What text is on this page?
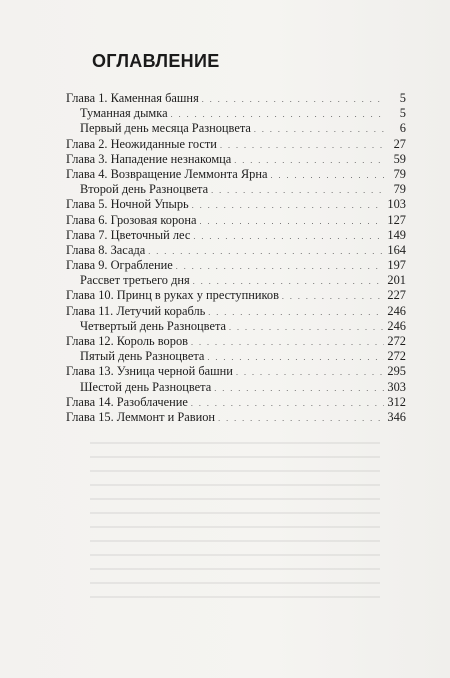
ОГЛАВЛЕНИЕ
Глава 1. Каменная башня . . .	5
Туманная дымка . . .	5
Первый день месяца Разноцвета . . .	6
Глава 2. Неожиданные гости . . .	27
Глава 3. Нападение незнакомца . . .	59
Глава 4. Возвращение Леммонта Ярна . . .	79
Второй день Разноцвета . . .	79
Глава 5. Ночной Упырь . . .	103
Глава 6. Грозовая корона . . .	127
Глава 7. Цветочный лес . . .	149
Глава 8. Засада . . .	164
Глава 9. Ограбление . . .	197
Рассвет третьего дня . . .	201
Глава 10. Принц в руках у преступников . . .	227
Глава 11. Летучий корабль . . .	246
Четвертый день Разноцвета . . .	246
Глава 12. Король воров . . .	272
Пятый день Разноцвета . . .	272
Глава 13. Узница черной башни . . .	295
Шестой день Разноцвета . . .	303
Глава 14. Разоблачение . . .	312
Глава 15. Леммонт и Равион . . .	346
